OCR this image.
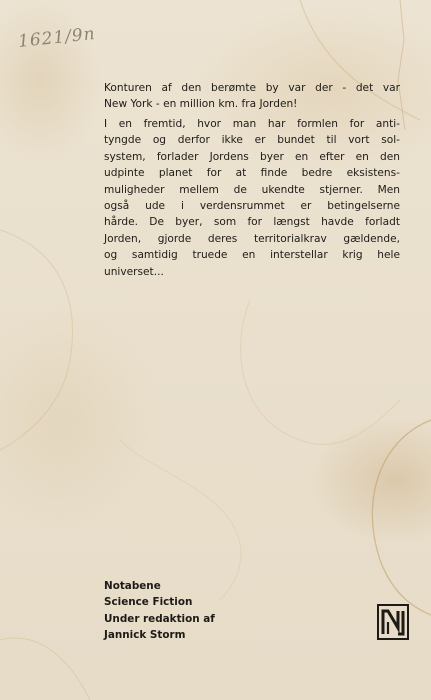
1621/9n
Konturen af den berømte by var der - det var
New York - en million km. fra Jorden!
I en fremtid, hvor man har formlen for anti-
tyngde og derfor ikke er bundet til vort sol-
system, forlader Jordens byer en efter en den
udpinte planet for at finde bedre eksistens-
muligheder mellem de ukendte stjerner. Men
også ude i verdensrummet er betingelserne
hårde. De byer, som for længst havde forladt
Jorden, gjorde deres territorialkrav gældende,
og samtidig truede en interstellar krig hele
universet...
Notabene
Science Fiction
Under redaktion af
Jannick Storm
